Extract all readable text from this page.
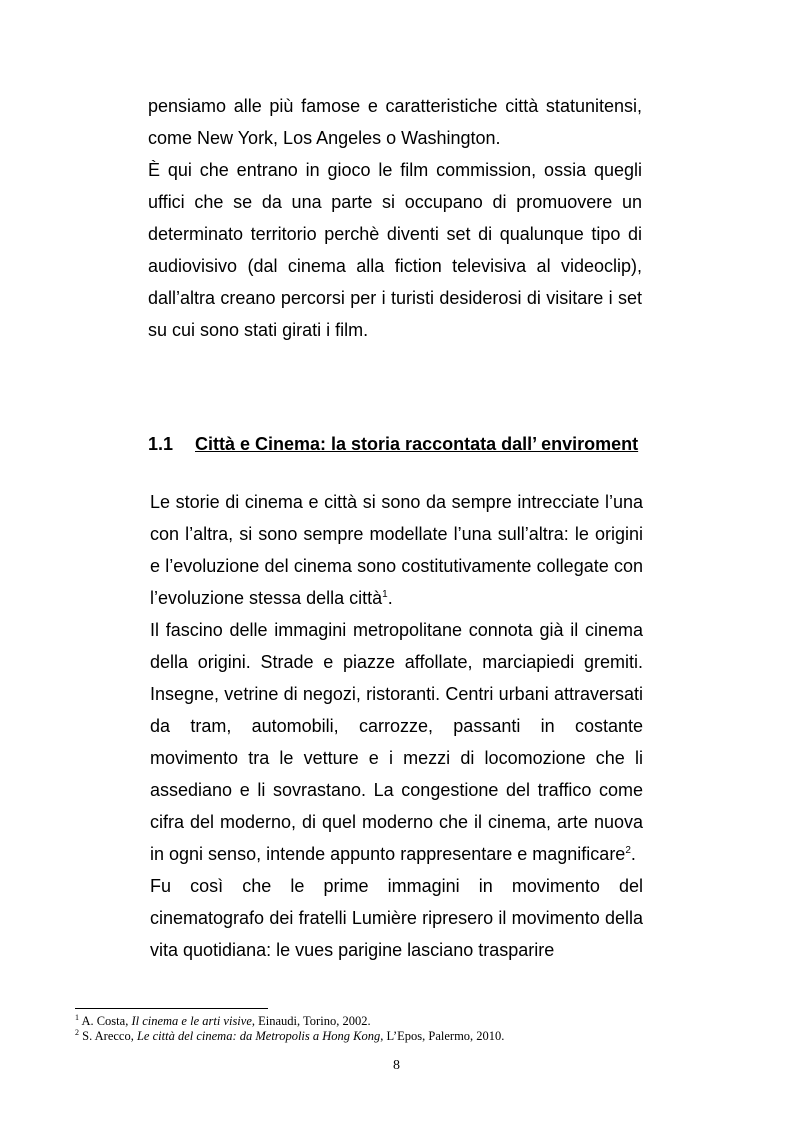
pensiamo alle più famose e caratteristiche città statunitensi, come New York, Los Angeles o Washington.

È qui che entrano in gioco le film commission, ossia quegli uffici che se da una parte si occupano di promuovere un determinato territorio perchè diventi set di qualunque tipo di audiovisivo (dal cinema alla fiction televisiva al videoclip), dall’altra creano percorsi per i turisti desiderosi di visitare i set su cui sono stati girati i film.

1.1 Città e Cinema: la storia raccontata dall’ enviroment

Le storie di cinema e città si sono da sempre intrecciate l’una con l’altra, si sono sempre modellate l’una sull’altra: le origini e l’evoluzione del cinema sono costitutivamente collegate con l’evoluzione stessa della città$^1$.

Il fascino delle immagini metropolitane connota già il cinema della origini. Strade e piazze affollate, marciapiedi gremiti. Insegne, vetrine di negozi, ristoranti. Centri urbani attraversati da tram, automobili, carrozze, passanti in costante movimento tra le vetture e i mezzi di locomozione che li assediano e li sovrastano. La congestione del traffico come cifra del moderno, di quel moderno che il cinema, arte nuova in ogni senso, intende appunto rappresentare e magnificare$^2$.

Fu così che le prime immagini in movimento del cinematografo dei fratelli Lumière ripresero il movimento della vita quotidiana: le vues parigine lasciano trasparire

$^1$ A. Costa, Il cinema e le arti visive, Einaudi, Torino, 2002.

$^2$ S. Arecco, Le città del cinema: da Metropolis a Hong Kong, L’Epos, Palermo, 2010.

8
